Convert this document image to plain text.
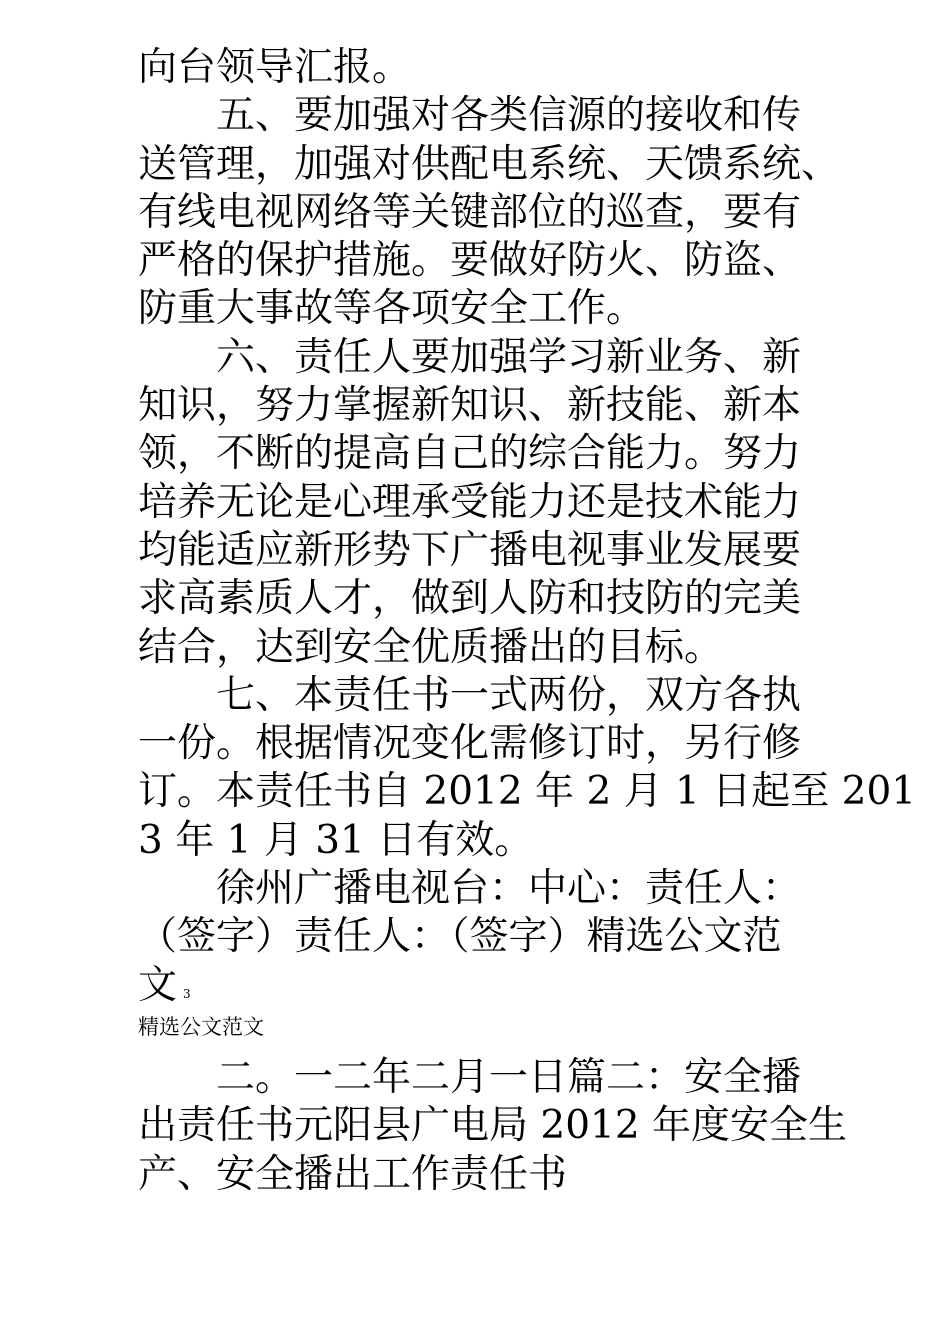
向台领导汇报。
五、要加强对各类信源的接收和传
送管理，加强对供配电系统、天馈系统、
有线电视网络等关键部位的巡查，要有
严格的保护措施。要做好防火、防盗、
防重大事故等各项安全工作。
六、责任人要加强学习新业务、新
知识，努力掌握新知识、新技能、新本
领，不断的提高自己的综合能力。努力
培养无论是心理承受能力还是技术能力
均能适应新形势下广播电视事业发展要
求高素质人才，做到人防和技防的完美
结合，达到安全优质播出的目标。
七、本责任书一式两份，双方各执
一份。根据情况变化需修订时，另行修
订。本责任书自 2012 年 2 月 1 日起至 201
3 年 1 月 31 日有效。
徐州广播电视台：中心：责任人：
（签字）责任人：（签字）精选公文范
文 3
精选公文范文
二。一二年二月一日篇二：安全播
出责任书元阳县广电局 2012 年度安全生
产、安全播出工作责任书
